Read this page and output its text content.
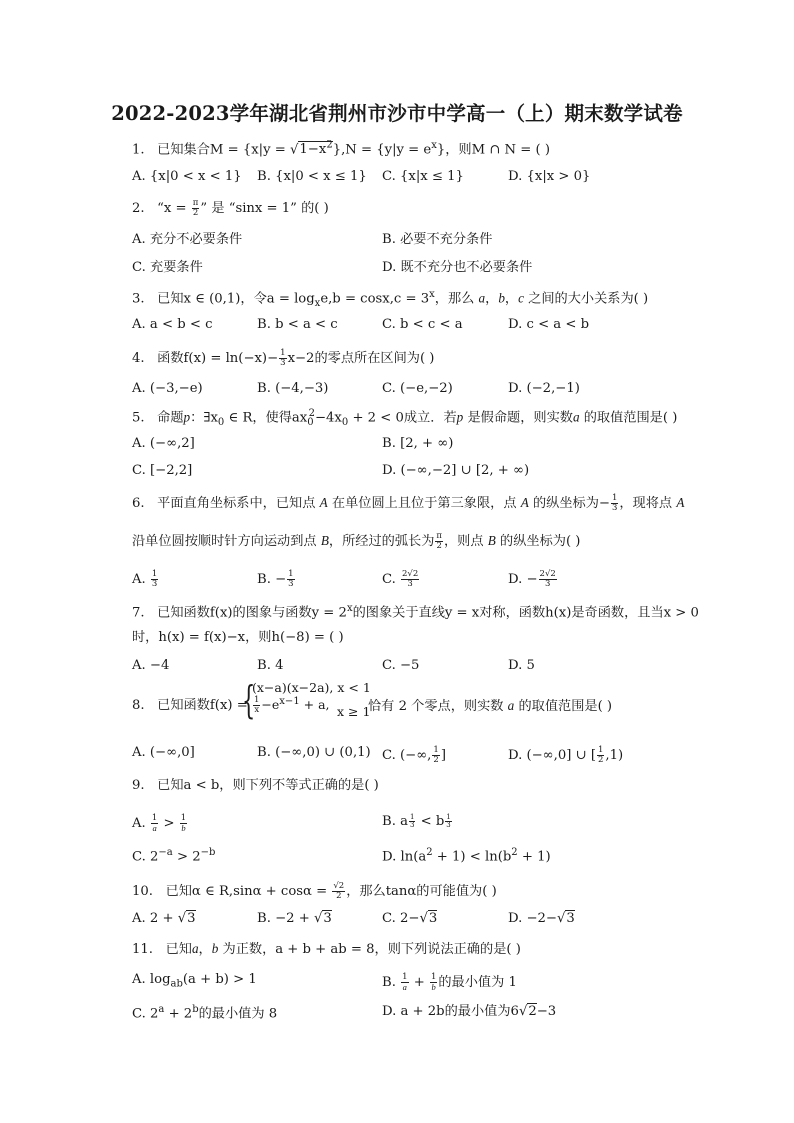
2022-2023学年湖北省荆州市沙市中学高一（上）期末数学试卷
1. 已知集合$M = \{x|y = √1-x^2\},N = \{y|y = e^x\}$，则M ∩ N = ( )
A. {x|0 < x < 1} B. {x|0 < x ≤ 1} C. {x|x ≤ 1}	D. {x|x > 0}
2. “$x = \frac{\pi}{2}$ ” 是 “sinx = 1” 的( )
A. 充分不必要条件	B. 必要不充分条件
C. 充要条件	D. 既不充分也不必要条件
3. 已知x ∈ (0,1)，令$a = \log_xe,b = \cos x,c = 3^x$，那么 a，b，c 之间的大小关系为( )
A. a < b < c	B. b < a < c	C. b < c < a	D. c < a < b
4. 函数$f(x) = \ln(-x)- \frac{1}{3} x-2$的零点所在区间为( )
A. (−3,−e)	B. (−4,−3)	C. (−e,−2)	D. (−2,−1)
5. 命题p：$\exists x_0$ ∈ R，使得$ax_0^2-4x_0 + 2 < 0$成立．若p 是假命题，则实数a 的取值范围是( )
A. (−∞,2]	B. [2, + ∞)
C. [−2,2]	D. (−∞,−2] ∪ [2, + ∞)
6. 平面直角坐标系中，已知点 A 在单位圆上且位于第三象限，点 A 的纵坐标为− $\frac{1}{3}$ ，现将点 A
沿单位圆按顺时针方向运动到点 B，所经过的弧长为 $\frac{\pi}{2}$ ，则点 B 的纵坐标为( )
A. $\frac{1}{3}$	B. − $\frac{1}{3}$	C. $\frac{2√2}{3}$	D. − $\frac{2√2}{3}$
7. 已知函数f(x)的图象与函数$y = 2^x$的图象关于直线y = x对称，函数h(x)是奇函数，且当x > 0
时，h(x) = f(x)−x，则h(−8) = ( )
A. −4	B. 4	C. −5	D. 5
8. 已知函数f(x) =
{
(x−a)(x−2a), x < 1
$\frac{1}{x} -e^{x-1} + a$, x ≥ 1
恰有 2 个零点，则实数 a 的取值范围是( )
A. (−∞,0]	B. (−∞,0) ∪ (0,1) C. (−∞, $\frac{1}{2}$ ]	D. (−∞,0] ∪ [ $\frac{1}{2} ,1$)
9. 已知a < b，则下列不等式正确的是( )
A. $\frac{1}{a} > \frac{1}{b}$	B. a $\frac{1}{3} < b \frac{1}{3}$
C. $2^{-a} > 2^{-b}$	D. $\ln(a^2 + 1) < \ln(b^2 + 1)$
10. 已知α ∈ $R,\sin\alpha + \cos\alpha = \frac{√2}{2}$ ，那么tanα的可能值为( )
A. 2 + √3	B. −2 + √3	C. 2−√3	D. −2−√3
11. 已知a，b 为正数，a + b + ab = 8，则下列说法正确的是( )
A. $\log_{ab}(a + b) > 1$	B. $\frac{1}{a} + \frac{1}{b}$ 的最小值为 1
C. $2^a + 2^b$的最小值为 8	D. a + 2b的最小值为6√2−3
